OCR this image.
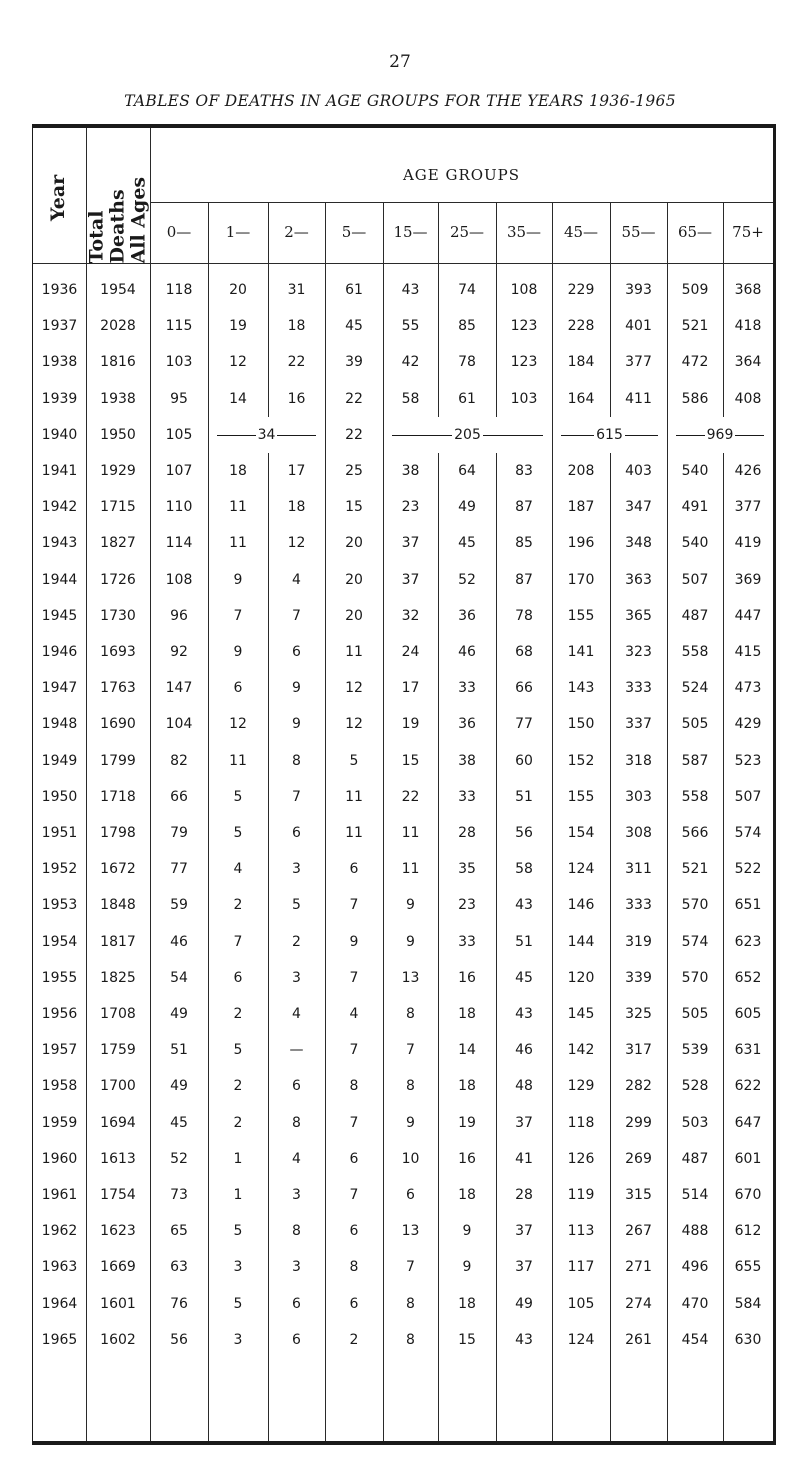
27
TABLES OF DEATHS IN AGE GROUPS FOR THE YEARS 1936-1965
Year
Total Deaths All Ages
AGE GROUPS
0—	1—	2—	5—	15—	25—	35—	45—	55—	65—	75+
1936	1954	118	20	31	61	43	74	108	229	393	509	368
1937	2028	115	19	18	45	55	85	123	228	401	521	418
1938	1816	103	12	22	39	42	78	123	184	377	472	364
1939	1938	95	14	16	22	58	61	103	164	411	586	408
1940	1950	105	34	22	205	615	969
1941	1929	107	18	17	25	38	64	83	208	403	540	426
1942	1715	110	11	18	15	23	49	87	187	347	491	377
1943	1827	114	11	12	20	37	45	85	196	348	540	419
1944	1726	108	9	4	20	37	52	87	170	363	507	369
1945	1730	96	7	7	20	32	36	78	155	365	487	447
1946	1693	92	9	6	11	24	46	68	141	323	558	415
1947	1763	147	6	9	12	17	33	66	143	333	524	473
1948	1690	104	12	9	12	19	36	77	150	337	505	429
1949	1799	82	11	8	5	15	38	60	152	318	587	523
1950	1718	66	5	7	11	22	33	51	155	303	558	507
1951	1798	79	5	6	11	11	28	56	154	308	566	574
1952	1672	77	4	3	6	11	35	58	124	311	521	522
1953	1848	59	2	5	7	9	23	43	146	333	570	651
1954	1817	46	7	2	9	9	33	51	144	319	574	623
1955	1825	54	6	3	7	13	16	45	120	339	570	652
1956	1708	49	2	4	4	8	18	43	145	325	505	605
1957	1759	51	5	—	7	7	14	46	142	317	539	631
1958	1700	49	2	6	8	8	18	48	129	282	528	622
1959	1694	45	2	8	7	9	19	37	118	299	503	647
1960	1613	52	1	4	6	10	16	41	126	269	487	601
1961	1754	73	1	3	7	6	18	28	119	315	514	670
1962	1623	65	5	8	6	13	9	37	113	267	488	612
1963	1669	63	3	3	8	7	9	37	117	271	496	655
1964	1601	76	5	6	6	8	18	49	105	274	470	584
1965	1602	56	3	6	2	8	15	43	124	261	454	630
